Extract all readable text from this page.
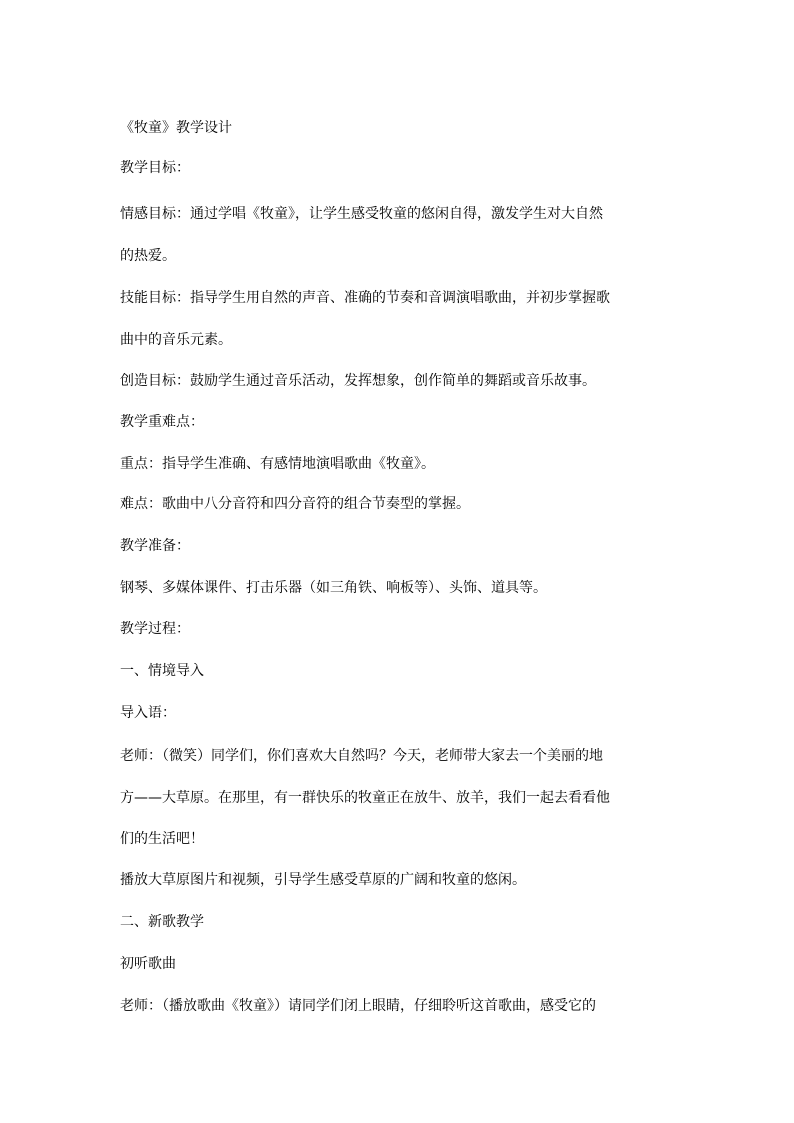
《牧童》教学设计

教学目标：

情感目标：通过学唱《牧童》，让学生感受牧童的悠闲自得，激发学生对大自然

的热爱。

技能目标：指导学生用自然的声音、准确的节奏和音调演唱歌曲，并初步掌握歌

曲中的音乐元素。

创造目标：鼓励学生通过音乐活动，发挥想象，创作简单的舞蹈或音乐故事。

教学重难点：

重点：指导学生准确、有感情地演唱歌曲《牧童》。

难点：歌曲中八分音符和四分音符的组合节奏型的掌握。

教学准备：

钢琴、多媒体课件、打击乐器（如三角铁、响板等）、头饰、道具等。

教学过程：

一、情境导入

导入语：

老师：（微笑）同学们，你们喜欢大自然吗？今天，老师带大家去一个美丽的地

方——大草原。在那里，有一群快乐的牧童正在放牛、放羊，我们一起去看看他

们的生活吧！

播放大草原图片和视频，引导学生感受草原的广阔和牧童的悠闲。

二、新歌教学

初听歌曲

老师：（播放歌曲《牧童》）请同学们闭上眼睛，仔细聆听这首歌曲，感受它的
